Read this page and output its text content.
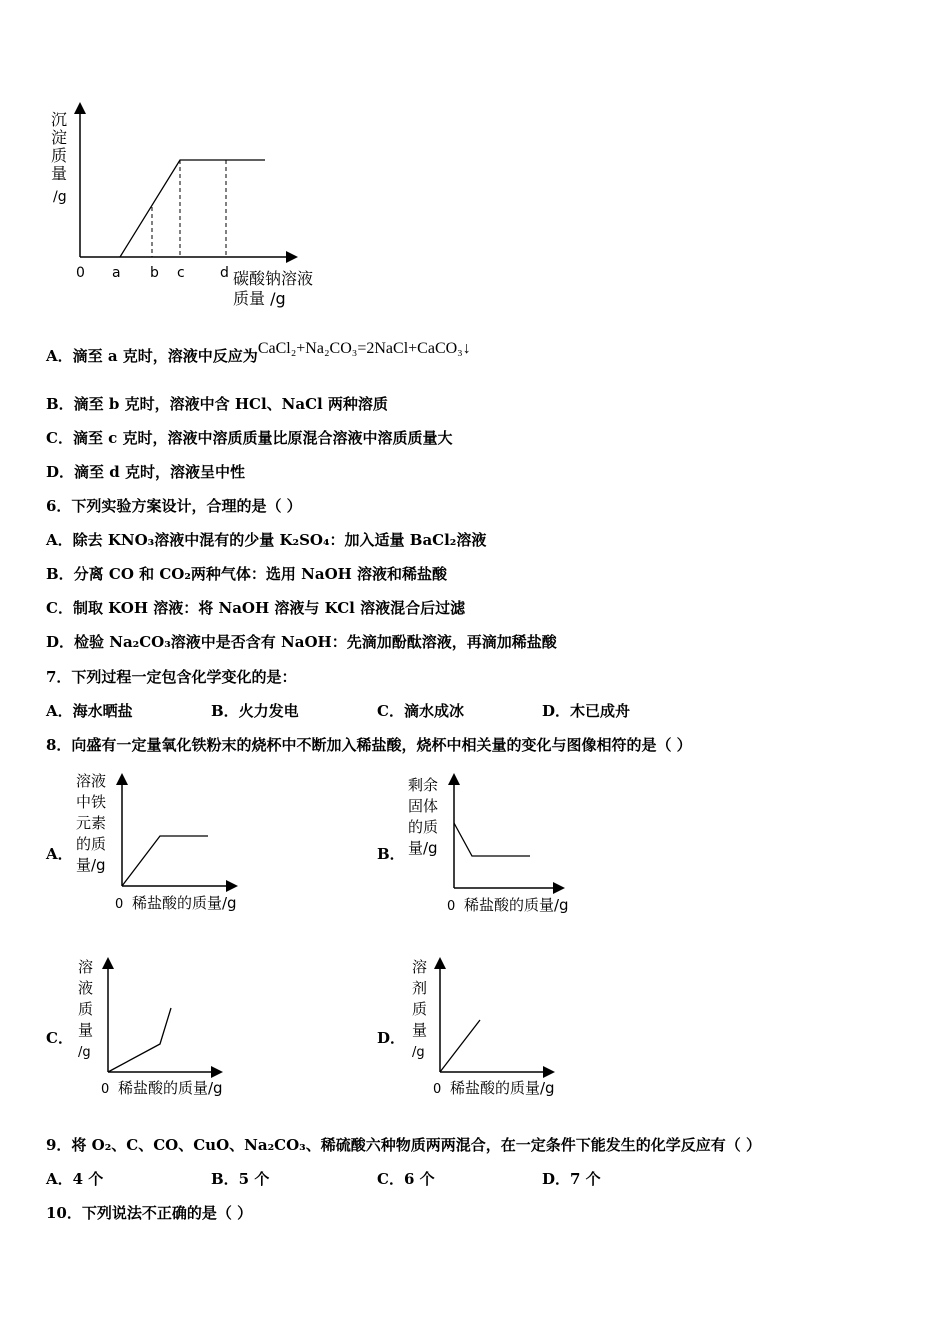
沉
淀
质
量
/g
0 a b c	d 碳酸钠溶液
质量 /g
A．滴至 a 克时，溶液中反应为CaCl₂+Na₂CO₃=2NaCl+CaCO₃↓
B．滴至 b 克时，溶液中含 HCl、NaCl 两种溶质
C．滴至 c 克时，溶液中溶质质量比原混合溶液中溶质质量大
D．滴至 d 克时，溶液呈中性
6．下列实验方案设计，合理的是（ ）
A．除去 KNO₃溶液中混有的少量 K₂SO₄：加入适量 BaCl₂溶液
B．分离 CO 和 CO₂两种气体：选用 NaOH 溶液和稀盐酸
C．制取 KOH 溶液：将 NaOH 溶液与 KCl 溶液混合后过滤
D．检验 Na₂CO₃溶液中是否含有 NaOH：先滴加酚酞溶液，再滴加稀盐酸
7．下列过程一定包含化学变化的是：
A．海水晒盐	B．火力发电	C．滴水成冰	D．木已成舟
8．向盛有一定量氧化铁粉末的烧杯中不断加入稀盐酸，烧杯中相关量的变化与图像相符的是（ ）
A．
溶液
中铁
元素
的质
量/g
0 稀盐酸的质量/g
B．
剩余
固体
的质
量/g
0 稀盐酸的质量/g
C．
溶
液
质
量
/g
0 稀盐酸的质量/g
D．
溶
剂
质
量
/g
0 稀盐酸的质量/g
9．将 O₂、C、CO、CuO、Na₂CO₃、稀硫酸六种物质两两混合，在一定条件下能发生的化学反应有（ ）
A．4 个	B．5 个	C．6 个	D．7 个
10．下列说法不正确的是（ ）
